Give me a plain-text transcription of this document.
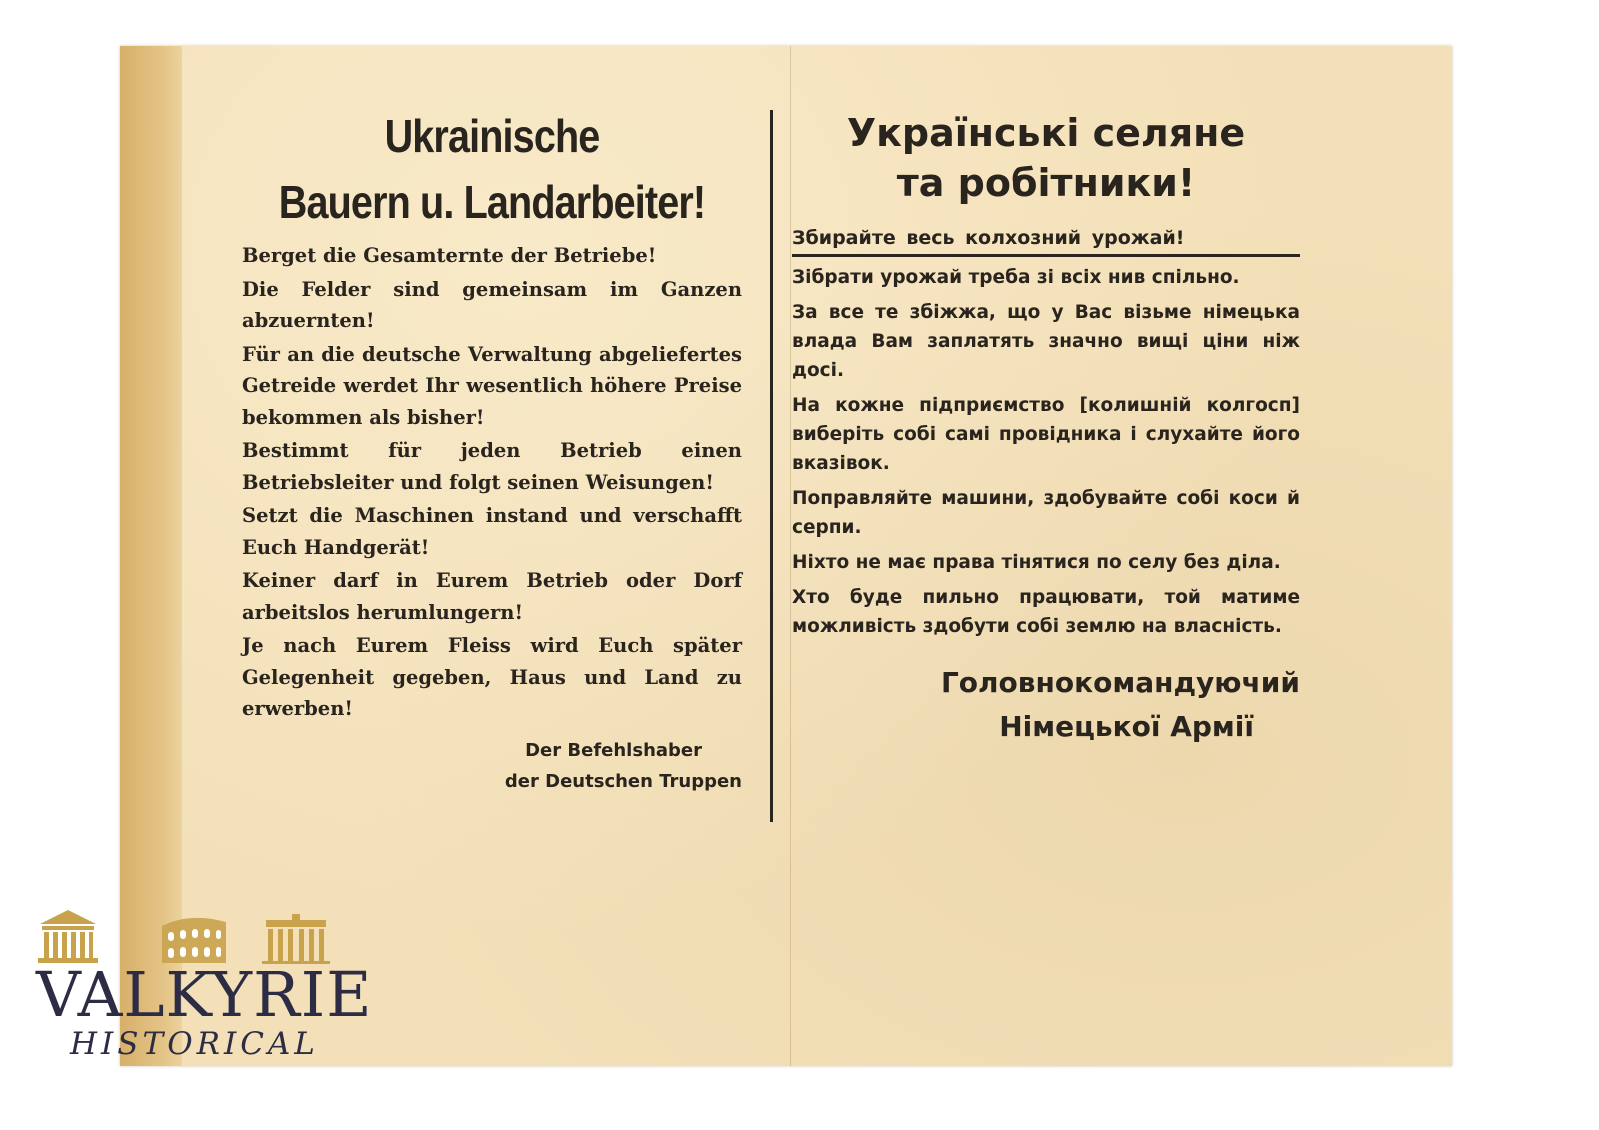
Ukrainische
Bauern u. Landarbeiter!

Berget die Gesamternte der Betriebe!

Die Felder sind gemeinsam im Ganzen abzuernten!

Für an die deutsche Verwaltung abgeliefertes Getreide werdet Ihr wesentlich höhere Preise bekommen als bisher!

Bestimmt für jeden Betrieb einen Betriebsleiter und folgt seinen Weisungen!

Setzt die Maschinen instand und verschafft Euch Handgerät!

Keiner darf in Eurem Betrieb oder Dorf arbeitslos herumlungern!

Je nach Eurem Fleiss wird Euch später Gelegenheit gegeben, Haus und Land zu erwerben!

Der Befehlshaber
der Deutschen Truppen
Українські селяне
та робітники!
Збирайте весь колхозний урожай!

Зібрати урожай треба зі всіх нив спільно.

За все те збіжжа, що у Вас візьме німецька влада Вам заплатять значно вищі ціни ніж досі.

На кожне підприємство [колишній колгосп] виберіть собі самі провідника і слухайте його вказівок.

Поправляйте машини, здобувайте собі коси й серпи.

Ніхто не має права тінятися по селу без діла.

Хто буде пильно працювати, той матиме можливість здобути собі землю на власність.

Головнокомандуючий
Німецької Армії
VALKYRIE
HISTORICAL
